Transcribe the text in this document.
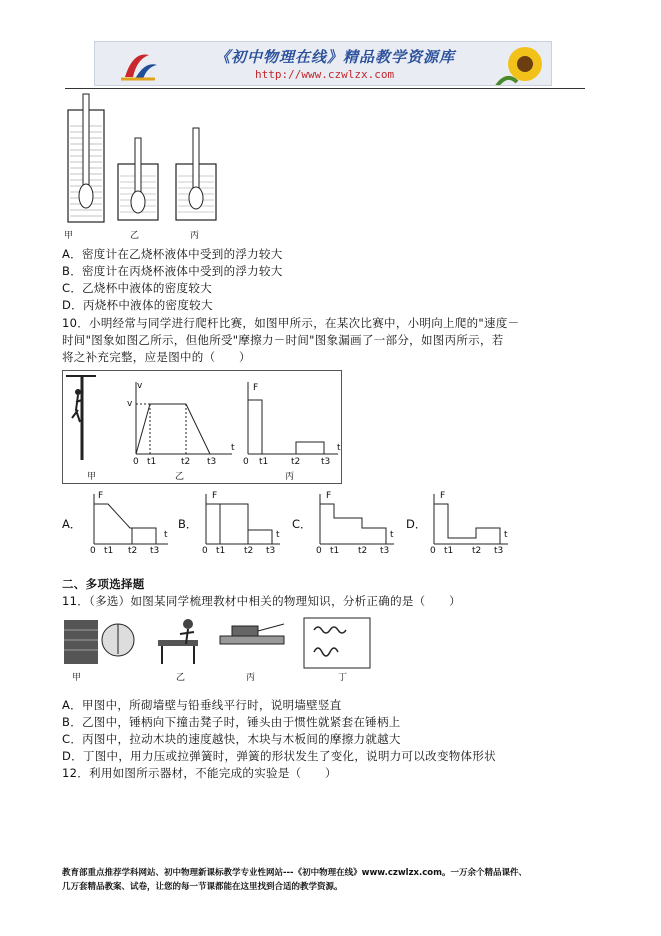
《初中物理在线》精品教学资源库
http://www.czwlzx.com
甲	乙	丙
A．密度计在乙烧杯液体中受到的浮力较大
B．密度计在丙烧杯液体中受到的浮力较大
C．乙烧杯中液体的密度较大
D．丙烧杯中液体的密度较大
10．小明经常与同学进行爬杆比赛，如图甲所示，在某次比赛中，小明向上爬的"速度－
时间"图象如图乙所示，但他所受"摩擦力－时间"图象漏画了一部分，如图丙所示，若
将之补充完整，应是图中的（　　）
v
v
t
0 t1	t2 t3
F
t
0 t1	t2 t3
甲	乙	丙
A．
F
t
0 t1 t2 t3
B．
F
t
0 t1 t2 t3
C．
F
t
0 t1 t2 t3
D．
F
t
0 t1 t2 t3
二、多项选择题
11．（多选）如图某同学梳理教材中相关的物理知识，分析正确的是（　　）
甲	乙	丙	丁
A．甲图中，所砌墙壁与铅垂线平行时，说明墙壁竖直
B．乙图中，锤柄向下撞击凳子时，锤头由于惯性就紧套在锤柄上
C．丙图中，拉动木块的速度越快，木块与木板间的摩擦力就越大
D．丁图中，用力压或拉弹簧时，弹簧的形状发生了变化，说明力可以改变物体形状
12．利用如图所示器材，不能完成的实验是（　　）
教育部重点推荐学科网站、初中物理新课标教学专业性网站---《初中物理在线》www.czwlzx.com。一万余个精品课件、
几万套精品教案、试卷，让您的每一节课都能在这里找到合适的教学资源。
